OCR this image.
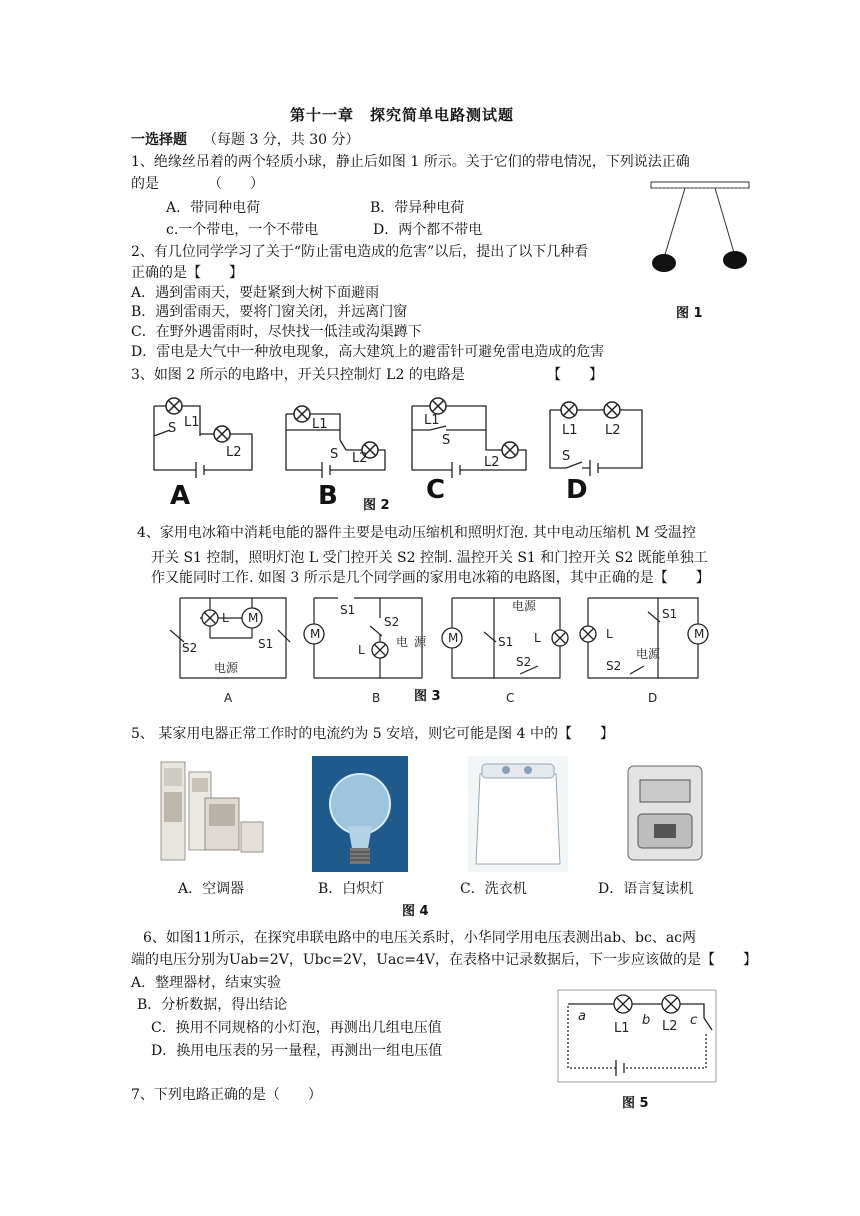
第十一章　探究简单电路测试题
一选择题 （每题 3 分，共 30 分）
1、绝缘丝吊着的两个轻质小球，静止后如图 1 所示。关于它们的带电情况，下列说法正确
的是　　　　（　　）
A．带同种电荷	B．带异种电荷
c.一个带电，一个不带电	D．两个都不带电
图 1
2、有几位同学学习了关于“防止雷电造成的危害”以后，提出了以下几种看
正确的是【　　】
A．遇到雷雨天，要赶紧到大树下面避雨
B．遇到雷雨天，要将门窗关闭，并远离门窗
C．在野外遇雷雨时，尽快找一低洼或沟渠蹲下
D．雷电是大气中一种放电现象，高大建筑上的避雷针可避免雷电造成的危害
3、如图 2 所示的电路中，开关只控制灯 L2 的电路是	【　　】
L1
S
L2
L1
S L2
L1
S
L2
L1 L2
S
A	B	C	D
图 2
4、家用电冰箱中消耗电能的器件主要是电动压缩机和照明灯泡. 其中电动压缩机 M 受温控
开关 S1 控制，照明灯泡 L 受门控开关 S2 控制. 温控开关 S1 和门控开关 S2 既能单独工
作又能同时工作. 如图 3 所示是几个同学画的家用电冰箱的电路图，其中正确的是【　　】
L M
S2	S1
电源
M
S1
S2
L
电 源 M	S1 L
电源
S2
L	M
S1
S2
电源
A	B	C	D
图 3
5、 某家用电器正常工作时的电流约为 5 安培，则它可能是图 4 中的【　　】
A．空调器	B．白炽灯	C．洗衣机	D．语言复读机
图 4
6、如图11所示，在探究串联电路中的电压关系时，小华同学用电压表测出ab、bc、ac两
端的电压分别为Uab=2V，Ubc=2V，Uac=4V，在表格中记录数据后，下一步应该做的是【　　】
A．整理器材，结束实验
B．分析数据，得出结论
C．换用不同规格的小灯泡，再测出几组电压值
D．换用电压表的另一量程，再测出一组电压值
a	b	c
L1 L2
图 5
7、下列电路正确的是（　　）
